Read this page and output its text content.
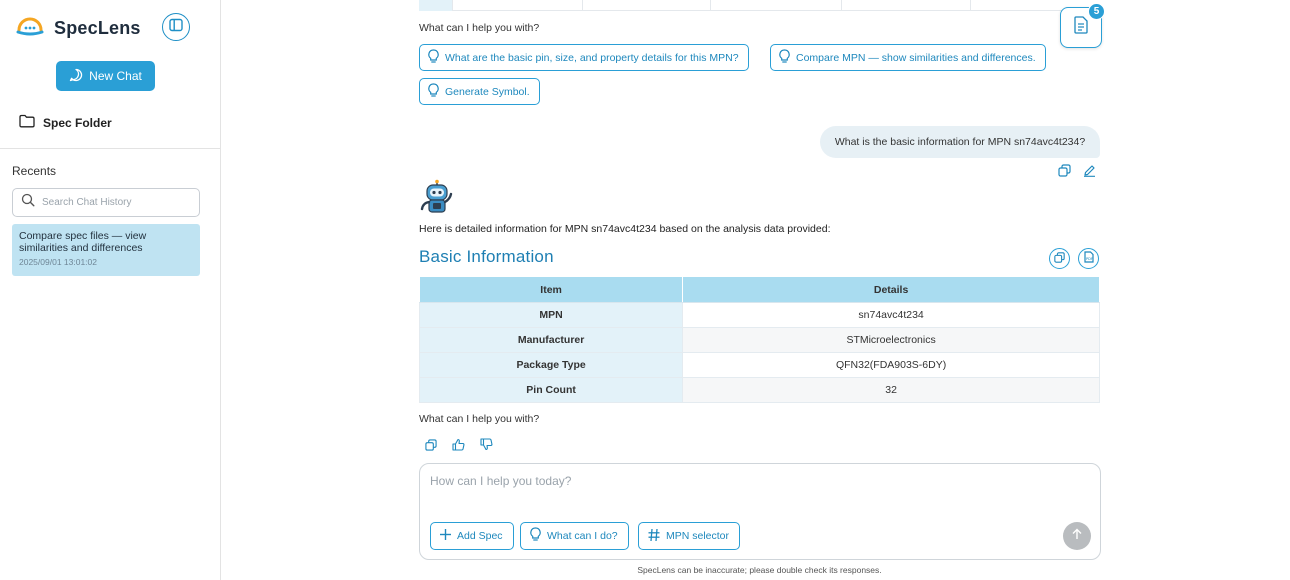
SpecLens
New Chat
Spec Folder
Recents
Search Chat History
Compare spec files — view similarities and differences
2025/09/01 13:01:02
What can I help you with?
What are the basic pin, size, and property details for this MPN?	Compare MPN — show similarities and differences.
Generate Symbol.
5
What is the basic information for MPN sn74avc4t234?
Here is detailed information for MPN sn74avc4t234 based on the analysis data provided:
Basic Information	PDF
Item	Details
MPN	sn74avc4t234
Manufacturer	STMicroelectronics
Package Type	QFN32(FDA903S-6DY)
Pin Count	32
What can I help you with?
How can I help you today?
Add Spec	What can I do?	MPN selector
SpecLens can be inaccurate; please double check its responses.
